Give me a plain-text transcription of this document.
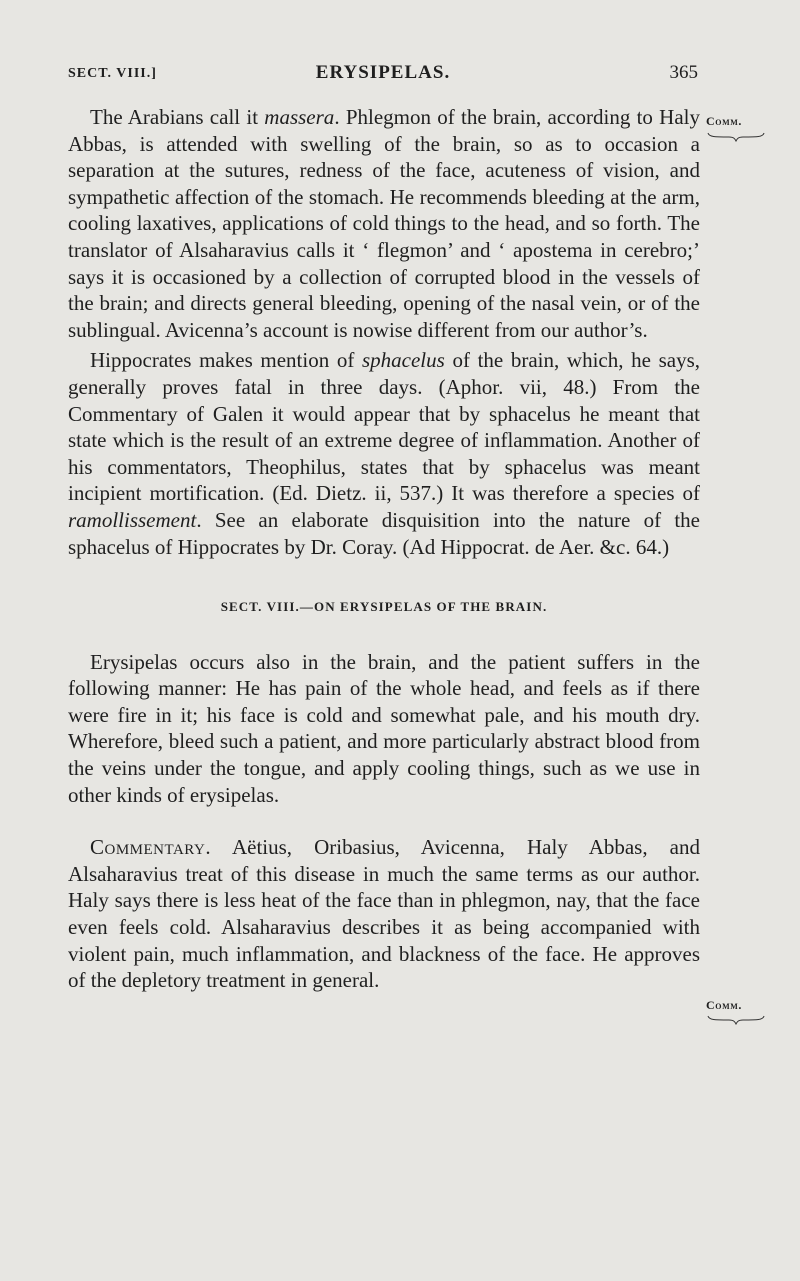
SECT. VIII.]	ERYSIPELAS.	365
Comm.
Comm.

The Arabians call it massera. Phlegmon of the brain, according to Haly Abbas, is attended with swelling of the brain, so as to occasion a separation at the sutures, redness of the face, acuteness of vision, and sympathetic affection of the stomach. He recommends bleeding at the arm, cooling laxatives, applications of cold things to the head, and so forth. The translator of Alsaharavius calls it ‘ flegmon’ and ‘ apostema in cerebro;’ says it is occasioned by a collection of corrupted blood in the vessels of the brain; and directs general bleeding, opening of the nasal vein, or of the sublingual. Avicenna’s account is nowise different from our author’s.

Hippocrates makes mention of sphacelus of the brain, which, he says, generally proves fatal in three days. (Aphor. vii, 48.) From the Commentary of Galen it would appear that by sphacelus he meant that state which is the result of an extreme degree of inflammation. Another of his commentators, Theophilus, states that by sphacelus was meant incipient mortification. (Ed. Dietz. ii, 537.) It was therefore a species of ramollissement. See an elaborate disquisition into the nature of the sphacelus of Hippocrates by Dr. Coray. (Ad Hippocrat. de Aer. &c. 64.)

SECT. VIII.—ON ERYSIPELAS OF THE BRAIN.

Erysipelas occurs also in the brain, and the patient suffers in the following manner: He has pain of the whole head, and feels as if there were fire in it; his face is cold and somewhat pale, and his mouth dry. Wherefore, bleed such a patient, and more particularly abstract blood from the veins under the tongue, and apply cooling things, such as we use in other kinds of erysipelas.

Commentary. Aëtius, Oribasius, Avicenna, Haly Abbas, and Alsaharavius treat of this disease in much the same terms as our author. Haly says there is less heat of the face than in phlegmon, nay, that the face even feels cold. Alsaharavius describes it as being accompanied with violent pain, much inflammation, and blackness of the face. He approves of the depletory treatment in general.
